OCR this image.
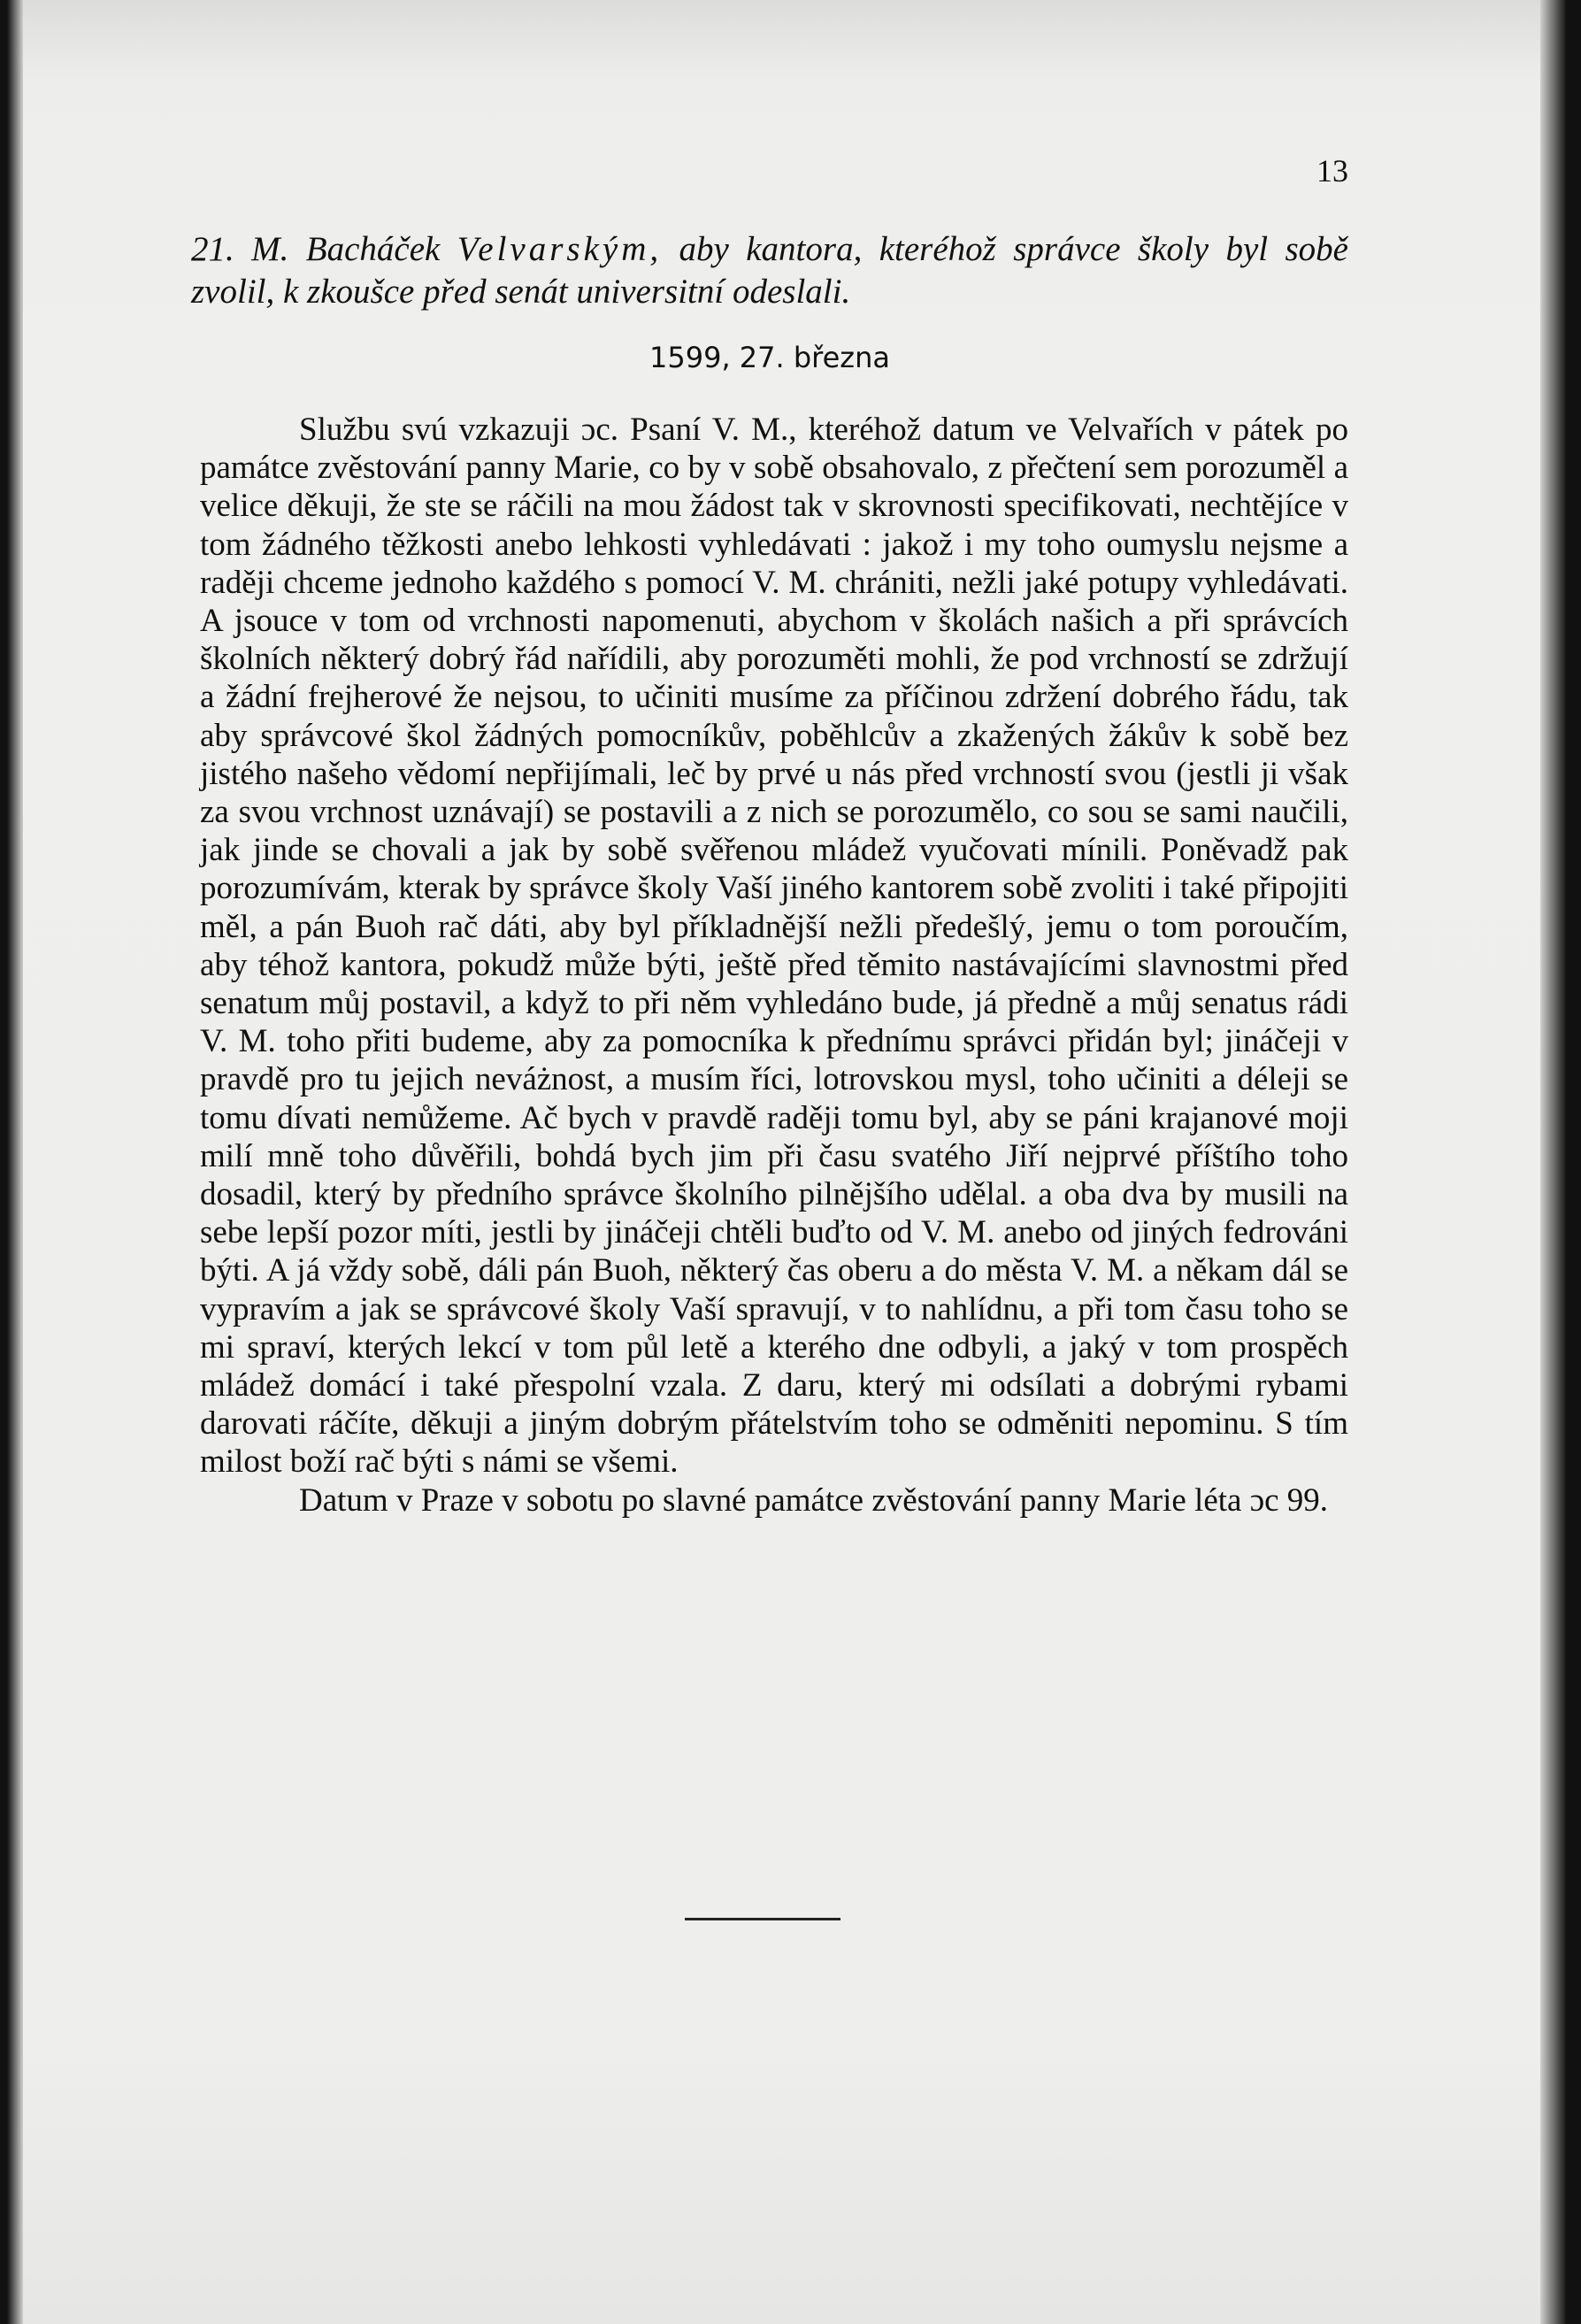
13
21. M. Bacháček Velvarským, aby kantora, kteréhož správce školy byl sobě zvolil, k zkoušce před senát universitní odeslali.
1599, 27. března

Službu svú vzkazuji ɔc. Psaní V. M., kteréhož datum ve Velvařích v pátek po památce zvěstování panny Marie, co by v sobě obsahovalo, z přečtení sem porozuměl a velice děkuji, že ste se ráčili na mou žádost tak v skrovnosti specifikovati, nechtějíce v tom žádného těžkosti anebo lehkosti vyhledávati : jakož i my toho oumyslu nejsme a raději chceme jednoho každého s pomocí V. M. chrániti, nežli jaké potupy vyhledávati. A jsouce v tom od vrchnosti napomenuti, abychom v školách našich a při správcích školních některý dobrý řád nařídili, aby porozuměti mohli, že pod vrchností se zdržují a žádní frejherové že nejsou, to učiniti musíme za příčinou zdržení dobrého řádu, tak aby správcové škol žádných pomocníkův, poběhlcův a zkažených žákův k sobě bez jistého našeho vědomí nepřijímali, leč by prvé u nás před vrchností svou (jestli ji však za svou vrchnost uznávají) se postavili a z nich se porozumělo, co sou se sami naučili, jak jinde se chovali a jak by sobě svěřenou mládež vyučovati mínili. Poněvadž pak porozumívám, kterak by správce školy Vaší jiného kantorem sobě zvoliti i také připojiti měl, a pán Buoh rač dáti, aby byl příkladnější nežli předešlý, jemu o tom poroučím, aby téhož kantora, pokudž může býti, ještě před těmito nastávajícími slavnostmi před senatum můj postavil, a když to při něm vyhledáno bude, já předně a můj senatus rádi V. M. toho přiti budeme, aby za pomocníka k přednímu správci přidán byl; jináčeji v pravdě pro tu jejich neváżnost, a musím říci, lotrovskou mysl, toho učiniti a déleji se tomu dívati nemůžeme. Ač bych v pravdě raději tomu byl, aby se páni krajanové moji milí mně toho důvěřili, bohdá bych jim při času svatého Jiří nejprvé příštího toho dosadil, který by předního správce školního pilnějšího udělal. a oba dva by musili na sebe lepší pozor míti, jestli by jináčeji chtěli buďto od V. M. anebo od jiných fedrováni býti. A já vždy sobě, dáli pán Buoh, některý čas oberu a do města V. M. a někam dál se vypravím a jak se správcové školy Vaší spravují, v to nahlídnu, a při tom času toho se mi spraví, kterých lekcí v tom půl letě a kterého dne odbyli, a jaký v tom prospěch mládež domácí i také přespolní vzala. Z daru, který mi odsílati a dobrými rybami darovati ráčíte, děkuji a jiným dobrým přátelstvím toho se odměniti nepominu. S tím milost boží rač býti s námi se všemi.

Datum v Praze v sobotu po slavné památce zvěstování panny Marie léta ɔc 99.
